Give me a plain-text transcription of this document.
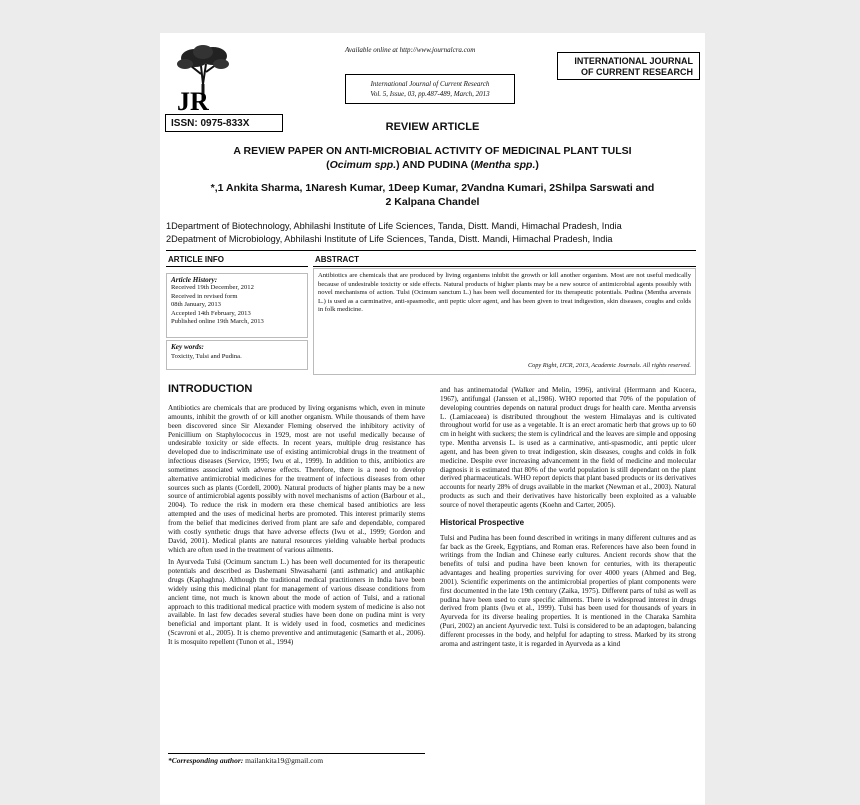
JR
ISSN: 0975-833X
Available online at http://www.journalcra.com
International Journal of Current Research
Vol. 5, Issue, 03, pp.487-489, March, 2013
INTERNATIONAL JOURNAL
OF CURRENT RESEARCH
REVIEW ARTICLE
A REVIEW PAPER ON ANTI-MICROBIAL ACTIVITY OF MEDICINAL PLANT TULSI
(Ocimum spp.) AND PUDINA (Mentha spp.)
*,1 Ankita Sharma, 1Naresh Kumar, 1Deep Kumar, 2Vandna Kumari, 2Shilpa Sarswati and
2 Kalpana Chandel
1Department of Biotechnology, Abhilashi Institute of Life Sciences, Tanda, Distt. Mandi, Himachal Pradesh, India
2Depatment of Microbiology, Abhilashi Institute of Life Sciences, Tanda, Distt. Mandi, Himachal Pradesh, India
ARTICLE INFO	ABSTRACT
Article History:
Received 19th December, 2012
Received in revised form
08th January, 2013
Accepted 14th February, 2013
Published online 19th March, 2013
Key words:
Toxicity, Tulsi and Pudina.
Antibiotics are chemicals that are produced by living organisms inhibit the growth or kill another organism. Most are not useful medically because of undesirable toxicity or side effects. Natural products of higher plants may be a new source of antimicrobial agents possibly with novel mechanisms of action. Tulsi (Ocimum sanctum L.) has been well documented for its therapeutic potentials. Pudina (Mentha arvensis L.) is used as a carminative, anti-spasmodic, anti peptic ulcer agent, and has been given to treat indigestion, skin diseases, coughs and colds in folk medicine.
Copy Right, IJCR, 2013, Academic Journals. All rights reserved.
INTRODUCTION

Antibiotics are chemicals that are produced by living organisms which, even in minute amounts, inhibit the growth of or kill another organism. While thousands of them have been discovered since Sir Alexander Fleming observed the inhibitory activity of Penicillium on Staphylococcus in 1929, most are not useful medically because of undesirable toxicity or side effects. In recent years, multiple drug resistance has developed due to indiscriminate use of existing antimicrobial drugs in the treatment of infectious diseases (Service, 1995; Iwu et al., 1999). In addition to this, antibiotics are sometimes associated with adverse effects. Therefore, there is a need to develop alternative antimicrobial medicines for the treatment of infectious diseases from other sources such as plants (Cordell, 2000). Natural products of higher plants may be a new source of antimicrobial agents possibly with novel mechanisms of action (Barbour et al., 2004). To reduce the risk in modern era these chemical based antibiotics are less attempted and the uses of medicinal herbs are promoted. This interest primarily stems from the belief that medicines derived from plant are safe and dependable, compared with costly synthetic drugs that have adverse effects (Iwu et al., 1999; Gordon and David, 2001). Medical plants are natural resources yielding valuable herbal products which are often used in the treatment of various ailments.

In Ayurveda Tulsi (Ocimum sanctum L.) has been well documented for its therapeutic potentials and described as Dashemani Shwasaharni (anti asthmatic) and antikaphic drugs (Kaphaghna). Although the traditional medical practitioners in India have been widely using this medicinal plant for management of various disease conditions from ancient time, not much is known about the mode of action of Tulsi, and a rational approach to this traditional medical practice with modern system of medicine is also not available. In last few decades several studies have been done on pudina mint is very beneficial and important plant. It is widely used in food, cosmetics and medicines (Scavroni et al., 2005). It is chemo preventive and antimutagenic (Samarth et al., 2006). It is mosquito repellent (Tunon et al., 1994)

*Corresponding author: mailankita19@gmail.com

and has antinematodal (Walker and Melin, 1996), antiviral (Herrmann and Kucera, 1967), antifungal (Janssen et al.,1986). WHO reported that 70% of the population of developing countries depends on natural product drugs for health care. Mentha arvensis L. (Lamiaceaea) is distributed throughout the western Himalayas and is cultivated throughout world for use as a vegetable. It is an erect aromatic herb that grows up to 60 cm in height with suckers; the stem is cylindrical and the leaves are simple and opposing type. Mentha arvensis L. is used as a carminative, anti-spasmodic, anti peptic ulcer agent, and has been given to treat indigestion, skin diseases, coughs and colds in folk medicine. Despite ever increasing advancement in the field of medicine and molecular diagnosis it is estimated that 80% of the world population is still dependant on the plant derived pharmaceuticals. WHO report depicts that plant based products or its derivatives accounts for nearly 28% of drugs available in the market (Newman et al., 2003). Natural products as such and their derivatives have historically been exploited as a valuable source of novel therapeutic agents (Koehn and Carter, 2005).

Historical Prospective

Tulsi and Pudina has been found described in writings in many different cultures and as far back as the Greek, Egyptians, and Roman eras. References have also been found in writings from the Indian and Chinese early cultures. Ancient records show that the benefits of tulsi and pudina have been known for centuries, with its therapeutic advantages and healing properties surviving for over 4000 years (Ahmed and Beg, 2001). Scientific experiments on the antimicrobial properties of plant components were first documented in the late 19th century (Zaika, 1975). Different parts of tulsi as well as pudina have been used to cure specific ailments. There is widespread interest in drugs derived from plants (Iwu et al., 1999). Tulsi has been used for thousands of years in Ayurveda for its diverse healing properties. It is mentioned in the Charaka Samhita (Puri, 2002) an ancient Ayurvedic text. Tulsi is considered to be an adaptogen, balancing different processes in the body, and helpful for adapting to stress. Marked by its strong aroma and astringent taste, it is regarded in Ayurveda as a kind
